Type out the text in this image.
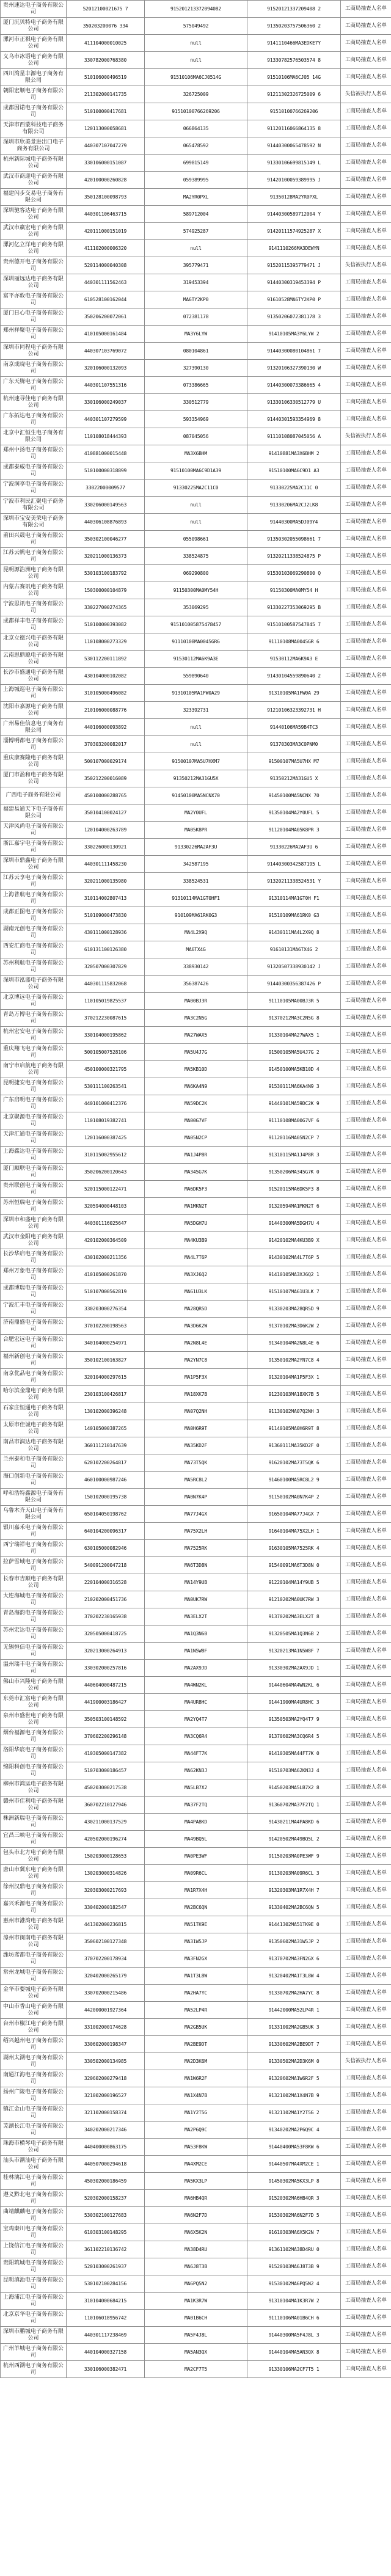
贵州速达电子商务有限公司	52012100021675 7	915201213372094082	91520121337209408 2	工商局抽查人名单
厦门沉贝特电子商务有限公司	350203200076 334	575049492	91350203757506360 2	工商局抽查人名单
漯河市正祺电子商务有限公司	411104000010025	null	9141110466MA3EDKE7Y	工商局抽查人名单
义乌市冰语电子商务有限公司	330782000768380	null	91330782576503574 8	工商局抽查人名单
四川湾星丰源电子商务有限公司	510106000496519	91510106MA6CJ0514G	91510106MA6CJ05 14G	工商局抽查人名单
朝阳宏顺电子商务有限公司	211302000141735	326725009	91211302326725009 6	失信被执行人名单
成都因诺电子商务有限公司	510100000417681	91510100766269206	91510100766269206	工商局抽查人名单
天津市西蒙科技电子商务有限公司	120113000058681	066864135	91120116066864135 8	工商局抽查人名单
深圳市欣美景进出口电子商务有限公司	440307107047279	065478592	91440300065478592 N	工商局抽查人名单
杭州新际城电子商务有限公司	330106000151087	699815149	91330106699815149 L	工商局抽查人名单
武汉市商迎电子商务有限公司	420100000260828	059389995	91420100059389995 J	工商局抽查人名单
福建闪步交易电子商务有限公司	350128100098793	MA2YR0PXL	91350128MA2YR0PXL	工商局抽查人名单
深圳驰客达电子商务有限公司	440301106463715	589712004	91440300589712004 Y	工商局抽查人名单
武汉市赢宏电子商务有限公司	420111000151019	574925287	91420111574925287 X	工商局抽查人名单
漯河亿立洋电子商务有限公司	411102000006320	null	9141110266MA3DEWYN	工商局抽查人名单
贵州德开电子商务有限公司	520114000040308	395779471	91520115395779471 J	失信被执行人名单
深圳丽远达电子商务有限公司	440301111562463	319453394	91440300319453394 P	工商局抽查人名单
富平亦敦电子商务有限公司	610528100162044	MA6TY2KP0	91610528MA6TY2KP0 P	工商局抽查人名单
厦门日心电子商务有限公司	350206200072061	072381178	91350206072381178 3	工商局抽查人名单
郑州祥聚电子商务有限公司	410105000161484	MA3Y6LYW	91410105MA3Y6LYW 2	工商局抽查人名单
深圳市同程电子商务有限公司	440307103769072	080104861	91440300080104861 7	工商局抽查人名单
南京成晓电子商务有限公司	320106000132093	327390130	91320106327390130 W	工商局抽查人名单
广东天腾电子商务有限公司	440301107551316	073386665	91440300073386665 4	工商局抽查人名单
杭州速寻佳电子商务有限公司	330106000249037	330512779	91330106330512779 U	工商局抽查人名单
广东拓达电子商务有限公司	440301107279599	593354969	91440301593354969 8	工商局抽查人名单
北京中汇恒生电子商务有限公司	110108018444393	087045056	91110108087045056 A	失信被执行人名单
郑州中扬电子商务有限公司	410881000015448	MA3X6BHM	91410881MA3X6BHM 2	工商局抽查人名单
成都泰威电子商务有限公司	510100000318899	91510100MA6C9D1A39	91510100MA6C9D1 A3	工商局抽查人名单
宁波润享电子商务有限公司	33022000009577	91330225MA2C11C0	91330225MA2C11C 0	工商局抽查人名单
宁波市利民汇聚电子商务有限公司	330206000149563	null	91330206MA2CJ2LK8	工商局抽查人名单
深圳市宝安美荣电子商务有限公司	440306108876893	null	91440300MA5DJ09Y4	工商局抽查人名单
莆田兴晟电子商务有限公司	350302100046277	055098661	91350302055098661 7	工商局抽查人名单
江苏云帆电子商务有限公司	320211000136373	338524875	91320211338524875 P	工商局抽查人名单
昆明源浩洲电子商务有限公司	530103100183792	069290800	91530103069290800 Q	工商局抽查人名单
内蒙古赛讯电子商务有限公司	150300000104879	91150300MA0MY54H	91150300MA0MY54 H	工商局抽查人名单
宁波思讯电子商务有限公司	330227000274365	353069295	91330227353069295 B	工商局抽查人名单
成都祥丰电子商务有限公司	510100000393082	915101005875478457	91510100587547845 7	工商局抽查人名单
北京立德兴电子商务有限公司	110108000273329	91110108MA0045GR6	91110108MA0045GR 6	工商局抽查人名单
云南思鼎聪电子商务有限公司	530112200111892	91530112MA6K9A3E	91530112MA6K9A3 E	工商局抽查人名单
长沙市盛通电子商务有限公司	430104000102082	559890640	91430104559890640 2	工商局抽查人名单
上海城巡电子商务有限公司	310105000496082	91310105MA1FW0A29	91310105MA1FW0A 29	工商局抽查人名单
沈阳市嘉源电子商务有限公司	210106000088776	323392731	91210106323392731 H	工商局抽查人名单
广州易佳信息电子商务有限公司	440106000093892	null	91440106MA59B4TC3	工商局抽查人名单
淄博明都电子商务有限公司	370303200082017	null	91370303MA3C0PNM0	工商局抽查人名单
重庆康赛隆电子商务有限公司	500107000029174	91500107MA5U7HXM7	91500107MA5U7HX M7	工商局抽查人名单
厦门市盈和电子商务有限公司	350212200016089	91350212MA31GU5X	91350212MA31GU5 X	工商局抽查人名单
广西电子商务有限公司	450100000288765	91450100MA5NCNX70	91450100MA5NCNX 70	工商局抽查人名单
福建易通天下电子商务有限公司	350104100024127	MA2Y0UFL	91350104MA2Y0UFL 5	工商局抽查人名单
天津风尚电子商务有限公司	120104000263789	MA05K8PR	91120104MA05K8PR 3	工商局抽查人名单
浙江嘉宇电子商务有限公司	330226000130921	91330226MA2AF3U	91330226MA2AF3U 6	工商局抽查人名单
深圳市鼎鑫电子商务有限公司	440301111458230	342587195	91440300342587195 L	工商局抽查人名单
江苏云享电子商务有限公司	320211000135980	338524531	91320211338524531 Y	工商局抽查人名单
上海普航电子商务有限公司	310114002807413	91310114MA1GT0HF1	91310114MA1GT0H F1	工商局抽查人名单
成都正图电子商务有限公司	510109000473830	910109MA61RK0G3	91510109MA61RK0 G3	工商局抽查人名单
湖南元创电子商务有限公司	430111000128936	MA4L2X9Q	91430111MA4L2X9Q 8	工商局抽查人名单
西安汇商电子商务有限公司	610131100126380	MA6TX4G	91610131MA6TX4G 2	工商局抽查人名单
苏州利航电子商务有限公司	320507000307829	338930142	91320507338930142 J	工商局抽查人名单
深圳市泓盛电子商务有限公司	440301115832068	356387426	91440300356387426 P	工商局抽查人名单
北京博远电子商务有限公司	110105019825537	MA00BJ3R	91110105MA00BJ3R 5	工商局抽查人名单
青岛万博电子商务有限公司	370212230087615	MA3C2N5G	91370212MA3C2N5G 8	工商局抽查人名单
杭州宏安电子商务有限公司	330104000195862	MA27WAX5	91330104MA27WAX5 1	工商局抽查人名单
重庆翔飞电子商务有限公司	500105007528106	MA5U4J7G	91500105MA5U4J7G 2	工商局抽查人名单
南宁市启航电子商务有限公司	450100000321795	MA5KB10D	91450100MA5KB10D 4	工商局抽查人名单
昆明捷安电子商务有限公司	530111100263541	MA6KA4N9	91530111MA6KA4N9 3	工商局抽查人名单
广东启明电子商务有限公司	440101000412376	MA59DC2K	91440101MA59DC2K 9	工商局抽查人名单
北京聚源电子商务有限公司	110108019382741	MA00G7VF	91110108MA00G7VF 6	工商局抽查人名单
天津汇通电子商务有限公司	120116000387425	MA05N2CP	91120116MA05N2CP 7	工商局抽查人名单
上海鑫达电子商务有限公司	310115002955612	MA1J4P8R	91310115MA1J4P8R 3	工商局抽查人名单
厦门顺联电子商务有限公司	350206200120643	MA345G7K	91350206MA345G7K 0	工商局抽查人名单
贵州联创电子商务有限公司	520115000122471	MA6DK5F3	91520115MA6DK5F3 8	工商局抽查人名单
苏州恒瑞电子商务有限公司	320594000448103	MA1MKN2T	91320594MA1MKN2T 6	工商局抽查人名单
深圳市和盛电子商务有限公司	440301116025647	MA5DGH7U	91440300MA5DGH7U 4	工商局抽查人名单
武汉市金阳电子商务有限公司	420102000364509	MA4KU3B9	91420102MA4KU3B9 X	工商局抽查人名单
长沙华启电子商务有限公司	430102000211356	MA4L7T6P	91430102MA4L7T6P 5	工商局抽查人名单
郑州万象电子商务有限公司	410105000261870	MA3XJ6Q2	91410105MA3XJ6Q2 1	工商局抽查人名单
成都博瑞电子商务有限公司	510107000562819	MA61U3LK	91510107MA61U3LK 7	工商局抽查人名单
宁波汇丰电子商务有限公司	330203000276354	MA28QR5D	91330203MA28QR5D 9	工商局抽查人名单
济南鼎盛电子商务有限公司	370102200198563	MA3D6K2W	91370102MA3D6K2W 2	工商局抽查人名单
合肥宏远电子商务有限公司	340104000254971	MA2N8L4E	91340104MA2N8L4E 6	工商局抽查人名单
福州新创电子商务有限公司	350102100163827	MA2YN7C8	91350102MA2YN7C8 4	工商局抽查人名单
南京优品电子商务有限公司	320104000297615	MA1P5F3X	91320104MA1P5F3X 1	工商局抽查人名单
哈尔滨金鼎电子商务有限公司	230103100426817	MA18XK7B	91230103MA18XK7B 5	工商局抽查人名单
石家庄恒通电子商务有限公司	130102000396248	MA07Q2NH	91130102MA07Q2NH 3	工商局抽查人名单
太原市佳诚电子商务有限公司	140105000387265	MA0H6R9T	91140105MA0H6R9T 8	工商局抽查人名单
南昌市润达电子商务有限公司	360111210147639	MA35KD2F	91360111MA35KD2F 0	工商局抽查人名单
兰州泰和电子商务有限公司	620102200264817	MA73T5QK	91620102MA73T5QK 6	工商局抽查人名单
海口创新电子商务有限公司	460100000987246	MA5RC8L2	91460100MA5RC8L2 9	工商局抽查人名单
呼和浩特鑫源电子商务有限公司	150102000195738	MA0N7K4P	91150102MA0N7K4P 2	工商局抽查人名单
乌鲁木齐天山电子商务有限公司	650104050198762	MA77J4GX	91650104MA77J4GX 7	工商局抽查人名单
银川嘉禾电子商务有限公司	640104200096317	MA75X2LH	91640104MA75X2LH 1	工商局抽查人名单
西宁瑞祥电子商务有限公司	630105000082946	MA7525RK	91630105MA7525RK 4	工商局抽查人名单
拉萨雪域电子商务有限公司	540091200047218	MA6T3D8N	91540091MA6T3D8N 0	工商局抽查人名单
长春市吉顺电子商务有限公司	220104000316528	MA14Y9UB	91220104MA14Y9UB 5	工商局抽查人名单
大连海城电子商务有限公司	210202000451736	MA0UK7RW	91210202MA0UK7RW 3	工商局抽查人名单
青岛海韵电子商务有限公司	370202230165938	MA3ELX2T	91370202MA3ELX2T 8	工商局抽查人名单
苏州宏达电子商务有限公司	320505000418725	MA1Q3N6B	91320505MA1Q3N6B 2	工商局抽查人名单
无锡恒信电子商务有限公司	320213000264913	MA1N5W8F	91320213MA1N5W8F 7	工商局抽查人名单
温州瑞丰电子商务有限公司	330302000257816	MA2AX9JD	91330302MA2AX9JD 1	工商局抽查人名单
佛山市兴隆电子商务有限公司	440604000487215	MA4WN2KL	91440604MA4WN2KL 6	工商局抽查人名单
东莞市汇富电子商务有限公司	441900003186427	MA4UR8HC	91441900MA4UR8HC 3	工商局抽查人名单
泉州市盛世电子商务有限公司	350503100148592	MA2YQ4T7	91350503MA2YQ4T7 9	工商局抽查人名单
烟台福源电子商务有限公司	370602200296148	MA3CQ6R4	91370602MA3CQ6R4 5	工商局抽查人名单
洛阳华宸电子商务有限公司	410305000147382	MA44FT7K	91410305MA44FT7K 0	工商局抽查人名单
绵阳科创电子商务有限公司	510703000186457	MA62KN3J	91510703MA62KN3J 4	工商局抽查人名单
柳州市鸿运电子商务有限公司	450203000217538	MA5LB7X2	91450203MA5LB7X2 8	工商局抽查人名单
赣州市佳利电子商务有限公司	360702210127946	MA37F2TQ	91360702MA37F2TQ 1	工商局抽查人名单
株洲新瑞电子商务有限公司	430211000137529	MA4PA8KD	91430211MA4PA8KD 6	工商局抽查人名单
宜昌三峡电子商务有限公司	420502000196274	MA49BQ5L	91420502MA49BQ5L 2	工商局抽查人名单
包头市北方电子商务有限公司	150203000128653	MA0PE3WF	91150203MA0PE3WF 9	工商局抽查人名单
唐山市冀东电子商务有限公司	130203000314826	MA09R6CL	91130203MA09R6CL 3	工商局抽查人名单
徐州汉鼎电子商务有限公司	320303000217693	MA1R7X4H	91320303MA1R7X4H 7	工商局抽查人名单
嘉兴禾源电子商务有限公司	330402000182547	MA2BC6QN	91330402MA2BC6QN 5	工商局抽查人名单
惠州市港湾电子商务有限公司	441302000236815	MA51TK9E	91441302MA51TK9E 0	工商局抽查人名单
漳州市闽南电子商务有限公司	350602100127348	MA31W5JP	91350602MA31W5JP 2	工商局抽查人名单
潍坊鸢都电子商务有限公司	370702200178934	MA3FN2GX	91370702MA3FN2GX 6	工商局抽查人名单
常州龙城电子商务有限公司	320402000265179	MA1T3L8W	91320402MA1T3L8W 4	工商局抽查人名单
金华市婺城电子商务有限公司	330702000215486	MA2HA7YC	91330702MA2HA7YC 8	工商局抽查人名单
中山市香山电子商务有限公司	442000001927364	MA52LP4R	91442000MA52LP4R 1	工商局抽查人名单
台州市椒江电子商务有限公司	331002000174628	MA2GB5UK	91331002MA2GB5UK 3	工商局抽查人名单
绍兴越州电子商务有限公司	330602000198347	MA2BE9DT	91330602MA2BE9DT 7	工商局抽查人名单
湖州太湖电子商务有限公司	330502000134985	MA2D3K6M	91330502MA2D3K6M 0	失信被执行人名单
南通江海电子商务有限公司	320602000279418	MA1W6R2F	91320602MA1W6R2F 5	工商局抽查人名单
扬州广陵电子商务有限公司	321002000196527	MA1X4N7B	91321002MA1X4N7B 9	工商局抽查人名单
镇江金山电子商务有限公司	321102000158374	MA1Y2T5G	91321102MA1Y2T5G 2	工商局抽查人名单
芜湖长江电子商务有限公司	340202000217346	MA2P6Q9C	91340202MA2P6Q9C 4	工商局抽查人名单
珠海市横琴电子商务有限公司	440400000863175	MA53F8KW	91440400MA53F8KW 6	工商局抽查人名单
汕头市潮汕电子商务有限公司	440507000294618	MA4XM2CE	91440507MA4XM2CE 1	工商局抽查人名单
桂林漓江电子商务有限公司	450302000186459	MA5KX3LP	91450302MA5KX3LP 8	工商局抽查人名单
遵义黔北电子商务有限公司	520302000158237	MA6HB4QR	91520302MA6HB4QR 3	工商局抽查人名单
曲靖麒麟电子商务有限公司	530302100127683	MA6N2F7D	91530302MA6N2F7D 5	工商局抽查人名单
宝鸡秦川电子商务有限公司	610303100148295	MA6X5K2N	91610303MA6X5K2N 7	工商局抽查人名单
上饶信江电子商务有限公司	361102210136742	MA38D4RU	91361102MA38D4RU 0	工商局抽查人名单
贵阳筑城电子商务有限公司	520103000261937	MA6J8T3B	91520103MA6J8T3B 9	工商局抽查人名单
昆明滇池电子商务有限公司	530102100284156	MA6PQ5N2	91530102MA6PQ5N2 4	工商局抽查人名单
上海浦江电子商务有限公司	310104000684215	MA1K3R7W	91310104MA1K3R7W 2	工商局抽查人名单
北京京华电子商务有限公司	110106018956742	MA01B6CH	91110106MA01B6CH 6	工商局抽查人名单
深圳市鹏城电子商务有限公司	440301117238469	MA5F4J8L	91440300MA5F4J8L 3	工商局抽查人名单
广州羊城电子商务有限公司	440104000327158	MA5AN3QX	91440104MA5AN3QX 8	工商局抽查人名单
杭州西湖电子商务有限公司	330106000382471	MA2CF7T5	91330106MA2CF7T5 1	工商局抽查人名单
